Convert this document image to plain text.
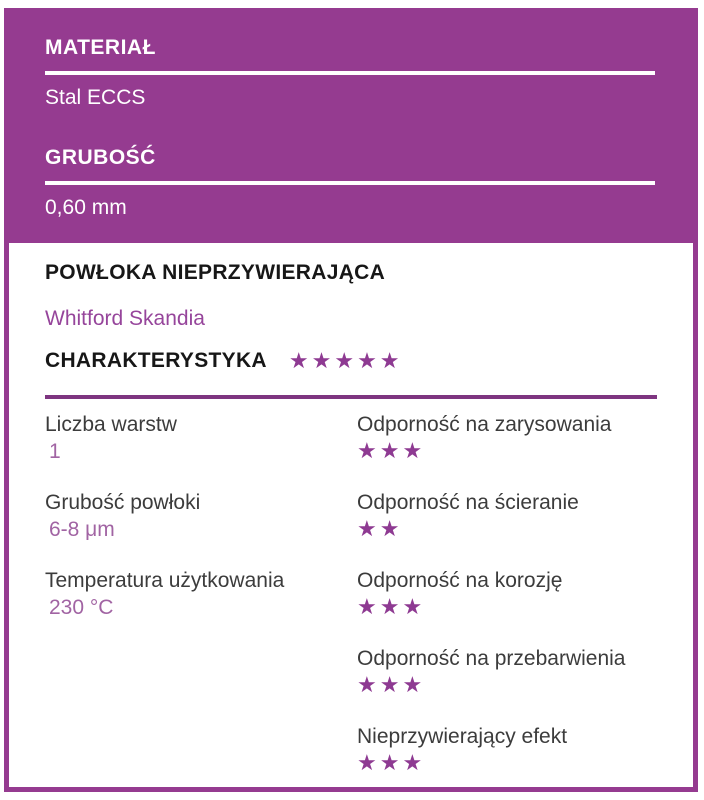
MATERIAŁ

Stal ECCS

GRUBOŚĆ

0,60 mm

POWŁOKA NIEPRZYWIERAJĄCA

Whitford Skandia

CHARAKTERYSTYKA ★★★★★

Liczba warstw

1

Odporność na zarysowania

★★★

Grubość powłoki

6-8 μm

Odporność na ścieranie

★★

Temperatura użytkowania

230 °C

Odporność na korozję

★★★

Odporność na przebarwienia

★★★

Nieprzywierający efekt

★★★
